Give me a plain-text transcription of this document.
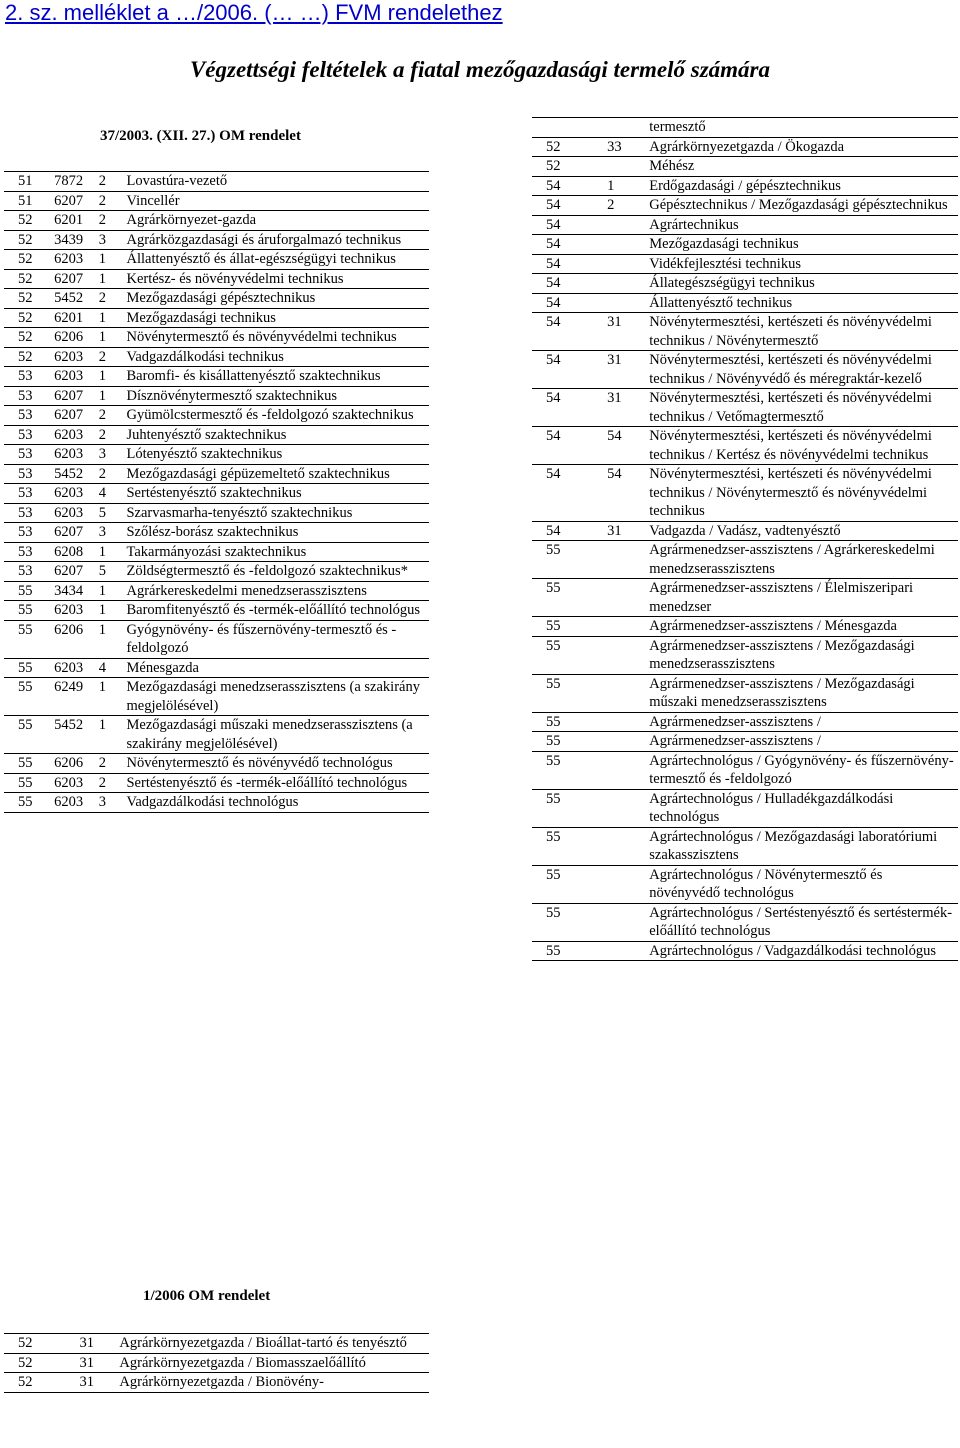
2. sz. melléklet a …/2006. (… …) FVM rendelethez
Végzettségi feltételek a fiatal mezőgazdasági termelő számára
37/2003. (XII. 27.) OM rendelet
51	7872	2	Lovastúra-vezető
51	6207	2	Vincellér
52	6201	2	Agrárkörnyezet-gazda
52	3439	3	Agrárközgazdasági és áruforgalmazó technikus
52	6203	1	Állattenyésztő és állat-egészségügyi technikus
52	6207	1	Kertész- és növényvédelmi technikus
52	5452	2	Mezőgazdasági gépésztechnikus
52	6201	1	Mezőgazdasági technikus
52	6206	1	Növénytermesztő és növényvédelmi technikus
52	6203	2	Vadgazdálkodási technikus
53	6203	1	Baromfi- és kisállattenyésztő szaktechnikus
53	6207	1	Dísznövénytermesztő szaktechnikus
53	6207	2	Gyümölcstermesztő és -feldolgozó szaktechnikus
53	6203	2	Juhtenyésztő szaktechnikus
53	6203	3	Lótenyésztő szaktechnikus
53	5452	2	Mezőgazdasági gépüzemeltető szaktechnikus
53	6203	4	Sertéstenyésztő szaktechnikus
53	6203	5	Szarvasmarha-tenyésztő szaktechnikus
53	6207	3	Szőlész-borász szaktechnikus
53	6208	1	Takarmányozási szaktechnikus
53	6207	5	Zöldségtermesztő és -feldolgozó szaktechnikus*
55	3434	1	Agrárkereskedelmi menedzserasszisztens
55	6203	1	Baromfitenyésztő és -termék-előállító technológus
55	6206	1	Gyógynövény- és fűszernövény-termesztő és -feldolgozó
55	6203	4	Ménesgazda
55	6249	1	Mezőgazdasági menedzserasszisztens (a szakirány megjelölésével)
55	5452	1	Mezőgazdasági műszaki menedzserasszisztens (a szakirány megjelölésével)
55	6206	2	Növénytermesztő és növényvédő technológus
55	6203	2	Sertéstenyésztő és -termék-előállító technológus
55	6203	3	Vadgazdálkodási technológus
1/2006 OM rendelet
52	31	Agrárkörnyezetgazda / Bioállat-tartó és tenyésztő
52	31	Agrárkörnyezetgazda / Biomasszaelőállító
52	31	Agrárkörnyezetgazda / Bionövény-
		termesztő
52	33	Agrárkörnyezetgazda / Ökogazda
52		Méhész
54	1	Erdőgazdasági / gépésztechnikus
54	2	Gépésztechnikus / Mezőgazdasági gépésztechnikus
54		Agrártechnikus
54		Mezőgazdasági technikus
54		Vidékfejlesztési technikus
54		Állategészségügyi technikus
54		Állattenyésztő technikus
54	31	Növénytermesztési, kertészeti és növényvédelmi technikus / Növénytermesztő
54	31	Növénytermesztési, kertészeti és növényvédelmi technikus / Növényvédő és méregraktár-kezelő
54	31	Növénytermesztési, kertészeti és növényvédelmi technikus / Vetőmagtermesztő
54	54	Növénytermesztési, kertészeti és növényvédelmi technikus / Kertész és növényvédelmi technikus
54	54	Növénytermesztési, kertészeti és növényvédelmi technikus / Növénytermesztő és növényvédelmi technikus
54	31	Vadgazda / Vadász, vadtenyésztő
55		Agrármenedzser-asszisztens / Agrárkereskedelmi menedzserasszisztens
55		Agrármenedzser-asszisztens / Élelmiszeripari menedzser
55		Agrármenedzser-asszisztens / Ménesgazda
55		Agrármenedzser-asszisztens / Mezőgazdasági menedzserasszisztens
55		Agrármenedzser-asszisztens / Mezőgazdasági műszaki menedzserasszisztens
55		Agrármenedzser-asszisztens /
55		Agrármenedzser-asszisztens /
55		Agrártechnológus / Gyógynövény- és fűszernövény-termesztő és -feldolgozó
55		Agrártechnológus / Hulladékgazdálkodási technológus
55		Agrártechnológus / Mezőgazdasági laboratóriumi szakasszisztens
55		Agrártechnológus / Növénytermesztő és növényvédő technológus
55		Agrártechnológus / Sertéstenyésztő és sertéstermék-előállító technológus
55		Agrártechnológus / Vadgazdálkodási technológus
